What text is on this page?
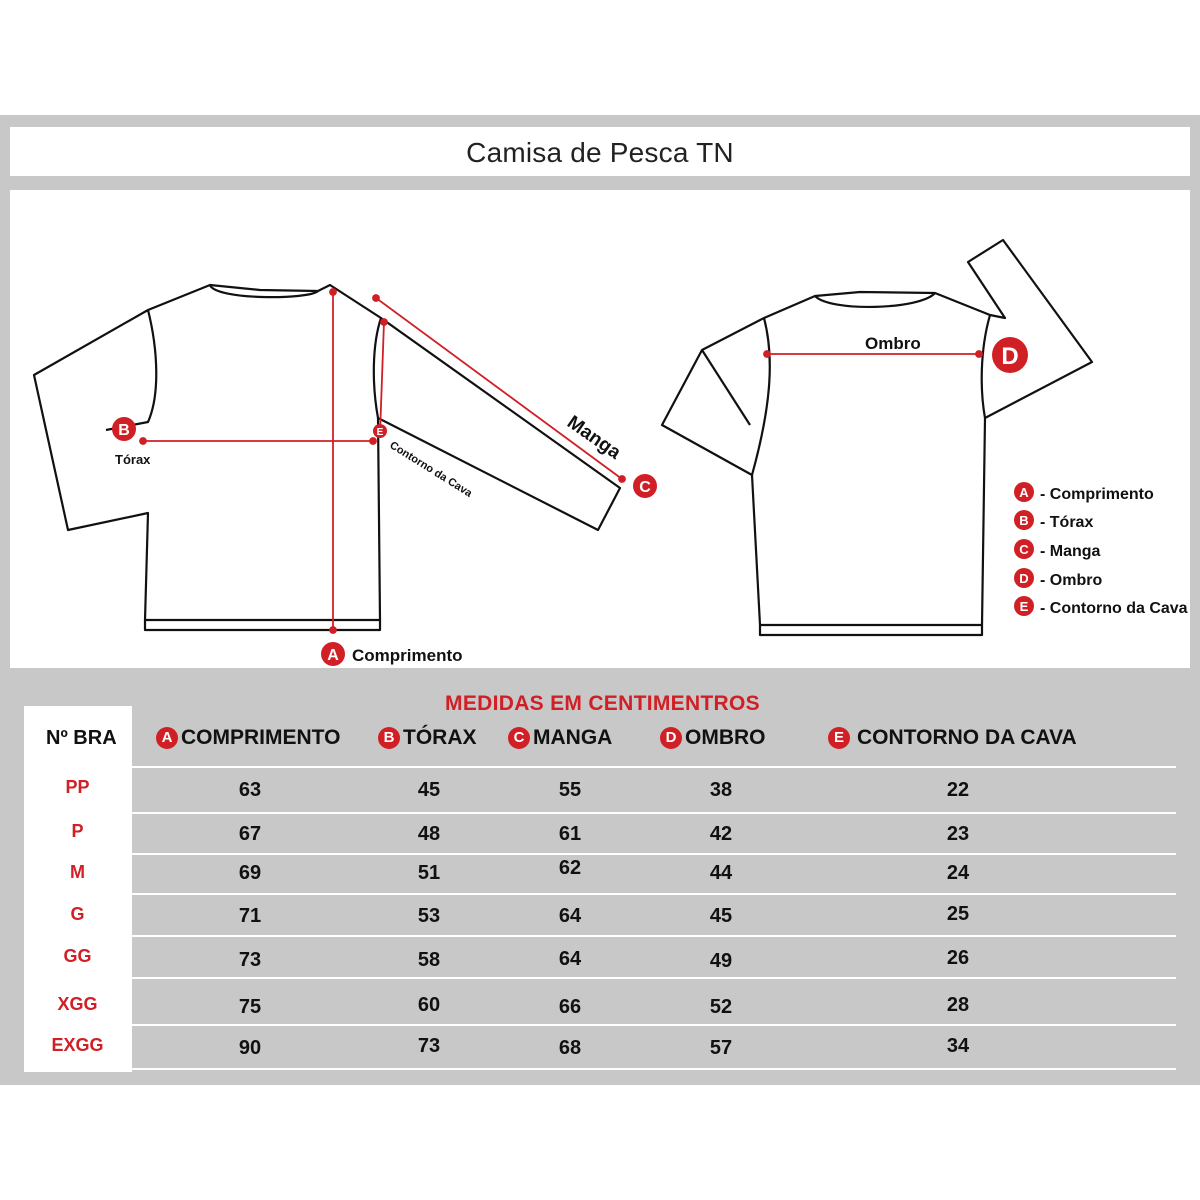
Camisa de Pesca TN
B	E
C
A
D
Tórax	Contorno da Cava
Manga
Comprimento
Ombro
A - Comprimento
B - Tórax
C - Manga
D - Ombro
E - Contorno da Cava
MEDIDAS EM CENTIMENTROS
Nº BRA	A COMPRIMENTO	B TÓRAX	C MANGA	D OMBRO	E CONTORNO DA CAVA
PP	63	45	55	38	22
P	67	48	61	42	23
M	69	51	62	44	24
G	71	53	64	45	25
GG	73	58	64	49	26
XGG	75	60	66	52	28
EXGG	90	73	68	57	34
